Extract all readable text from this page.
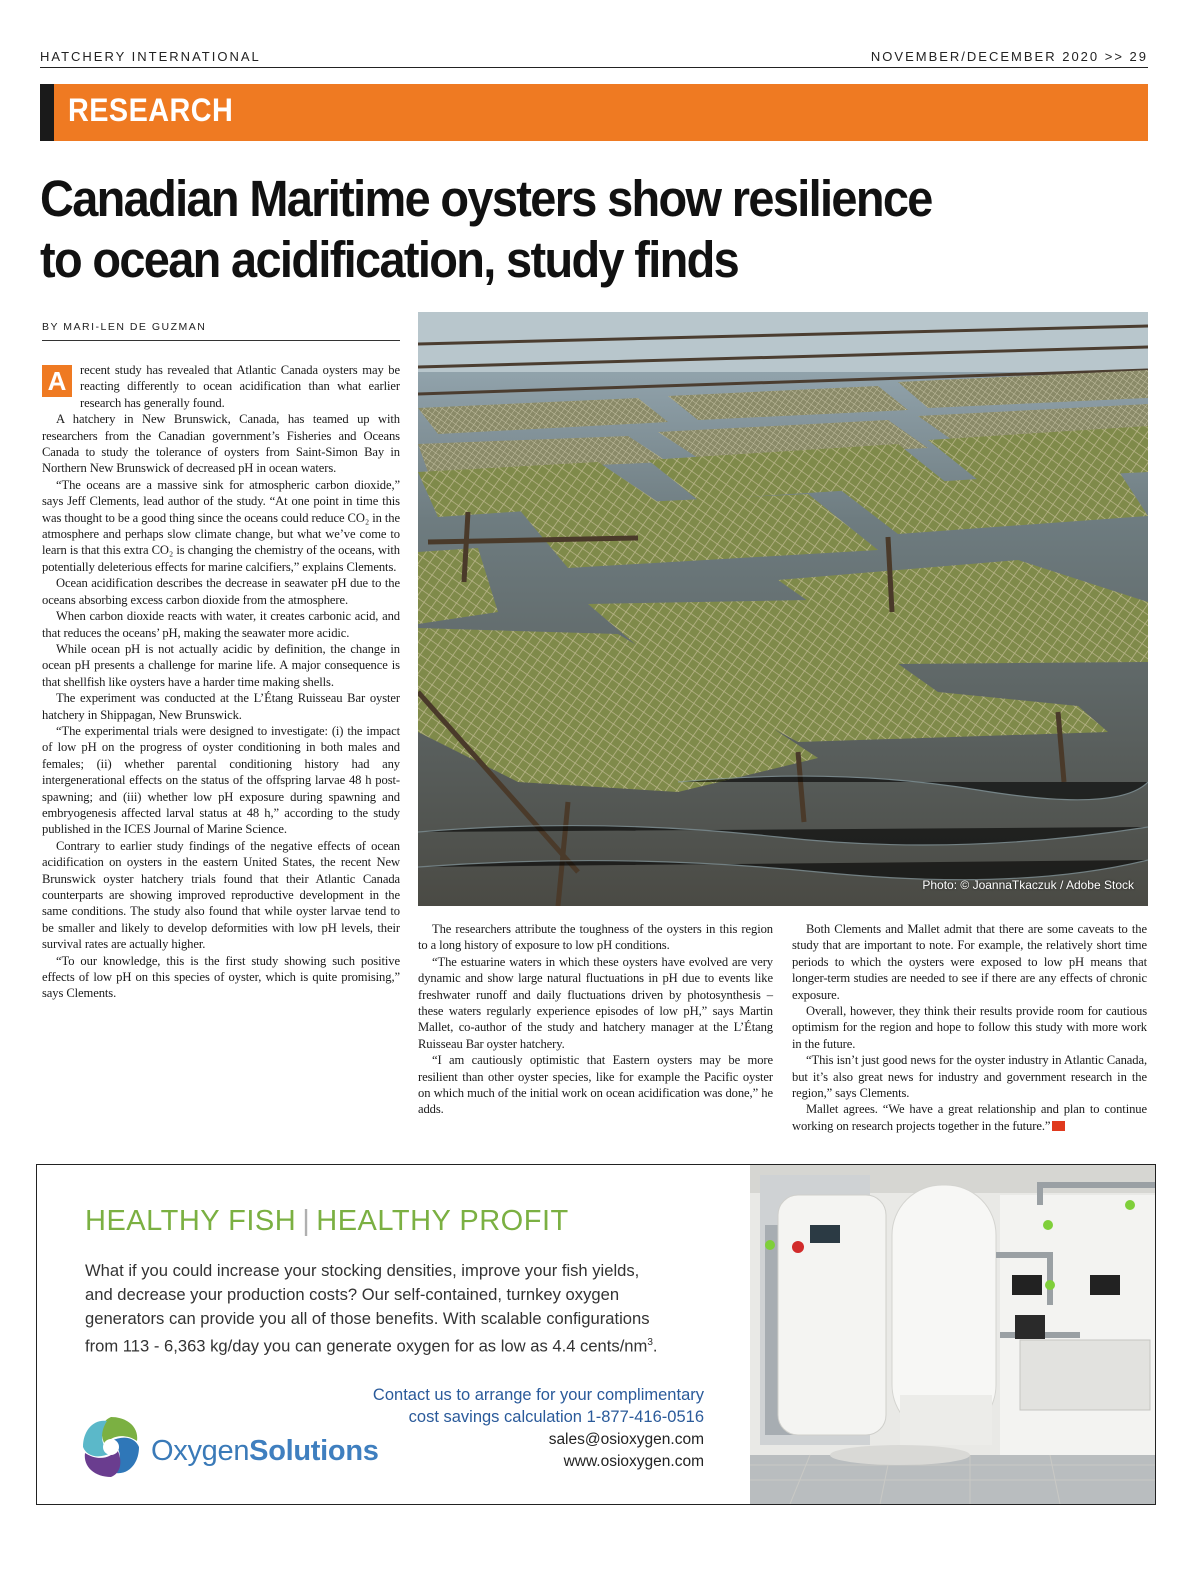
HATCHERY INTERNATIONAL	NOVEMBER/DECEMBER 2020 >> 29
RESEARCH
Canadian Maritime oysters show resilience
to ocean acidification, study finds
BY MARI-LEN DE GUZMAN

A	recent study has revealed that Atlantic Canada oysters may be reacting differently to ocean acidification than what earlier research has generally found.

A hatchery in New Brunswick, Canada, has teamed up with researchers from the Canadian government’s Fisheries and Oceans Canada to study the tolerance of oysters from Saint-Simon Bay in Northern New Brunswick of decreased pH in ocean waters.

“The oceans are a massive sink for atmospheric carbon dioxide,” says Jeff Clements, lead author of the study. “At one point in time this was thought to be a good thing since the oceans could reduce CO₂ in the atmosphere and perhaps slow climate change, but what we’ve come to learn is that this extra CO₂ is changing the chemistry of the oceans, with potentially deleterious effects for marine calcifiers,” explains Clements.

Ocean acidification describes the decrease in seawater pH due to the oceans absorbing excess carbon dioxide from the atmosphere.

When carbon dioxide reacts with water, it creates carbonic acid, and that reduces the oceans’ pH, making the seawater more acidic.

While ocean pH is not actually acidic by definition, the change in ocean pH presents a challenge for marine life. A major consequence is that shellfish like oysters have a harder time making shells.

The experiment was conducted at the L’Étang Ruisseau Bar oyster hatchery in Shippagan, New Brunswick.

“The experimental trials were designed to investigate: (i) the impact of low pH on the progress of oyster conditioning in both males and females; (ii) whether parental conditioning history had any intergenerational effects on the status of the offspring larvae 48 h post-spawning; and (iii) whether low pH exposure during spawning and embryogenesis affected larval status at 48 h,” according to the study published in the ICES Journal of Marine Science.

Contrary to earlier study findings of the negative effects of ocean acidification on oysters in the eastern United States, the recent New Brunswick oyster hatchery trials found that their Atlantic Canada counterparts are showing improved reproductive development in the same conditions. The study also found that while oyster larvae tend to be smaller and likely to develop deformities with low pH levels, their survival rates are actually higher.

“To our knowledge, this is the first study showing such positive effects of low pH on this species of oyster, which is quite promising,” says Clements.

Photo: © JoannaTkaczuk / Adobe Stock

The researchers attribute the toughness of the oysters in this region to a long history of exposure to low pH conditions.

“The estuarine waters in which these oysters have evolved are very dynamic and show large natural fluctuations in pH due to events like freshwater runoff and daily fluctuations driven by photosynthesis – these waters regularly experience episodes of low pH,” says Martin Mallet, co-author of the study and hatchery manager at the L’Étang Ruisseau Bar oyster hatchery.

“I am cautiously optimistic that Eastern oysters may be more resilient than other oyster species, like for example the Pacific oyster on which much of the initial work on ocean acidification was done,” he adds.

Both Clements and Mallet admit that there are some caveats to the study that are important to note. For example, the relatively short time periods to which the oysters were exposed to low pH means that longer-term studies are needed to see if there are any effects of chronic exposure.

Overall, however, they think their results provide room for cautious optimism for the region and hope to follow this study with more work in the future.

“This isn’t just good news for the oyster industry in Atlantic Canada, but it’s also great news for industry and government research in the region,” says Clements.

Mallet agrees. “We have a great relationship and plan to continue working on research projects together in the future.”

HEALTHY FISH | HEALTHY PROFIT
What if you could increase your stocking densities, improve your fish yields, and decrease your production costs? Our self-contained, turnkey oxygen generators can provide you all of those benefits. With scalable configurations from 113 - 6,363 kg/day you can generate oxygen for as low as 4.4 cents/$nm^3$.
Contact us to arrange for your complimentary
cost savings calculation 1-877-416-0516
sales@osioxygen.com
www.osioxygen.com
OxygenSolutions
